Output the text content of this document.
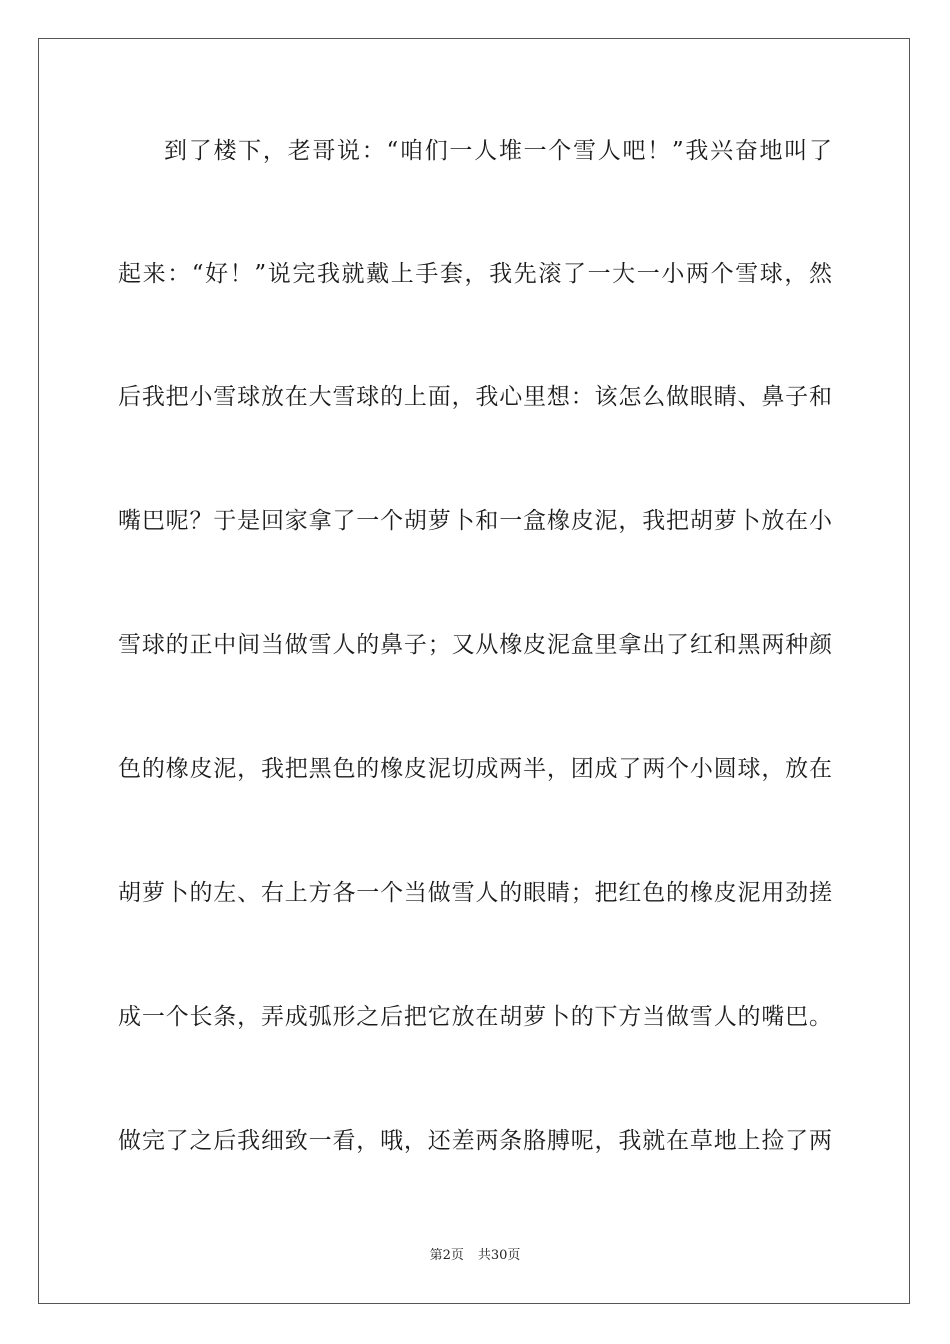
到了楼下，老哥说：“咱们一人堆一个雪人吧！”我兴奋地叫了
起来：“好！”说完我就戴上手套，我先滚了一大一小两个雪球，然
后我把小雪球放在大雪球的上面，我心里想：该怎么做眼睛、鼻子和
嘴巴呢？于是回家拿了一个胡萝卜和一盒橡皮泥，我把胡萝卜放在小
雪球的正中间当做雪人的鼻子；又从橡皮泥盒里拿出了红和黑两种颜
色的橡皮泥，我把黑色的橡皮泥切成两半，团成了两个小圆球，放在
胡萝卜的左、右上方各一个当做雪人的眼睛；把红色的橡皮泥用劲搓
成一个长条，弄成弧形之后把它放在胡萝卜的下方当做雪人的嘴巴。
做完了之后我细致一看，哦，还差两条胳膊呢，我就在草地上捡了两
第2页 共30页
